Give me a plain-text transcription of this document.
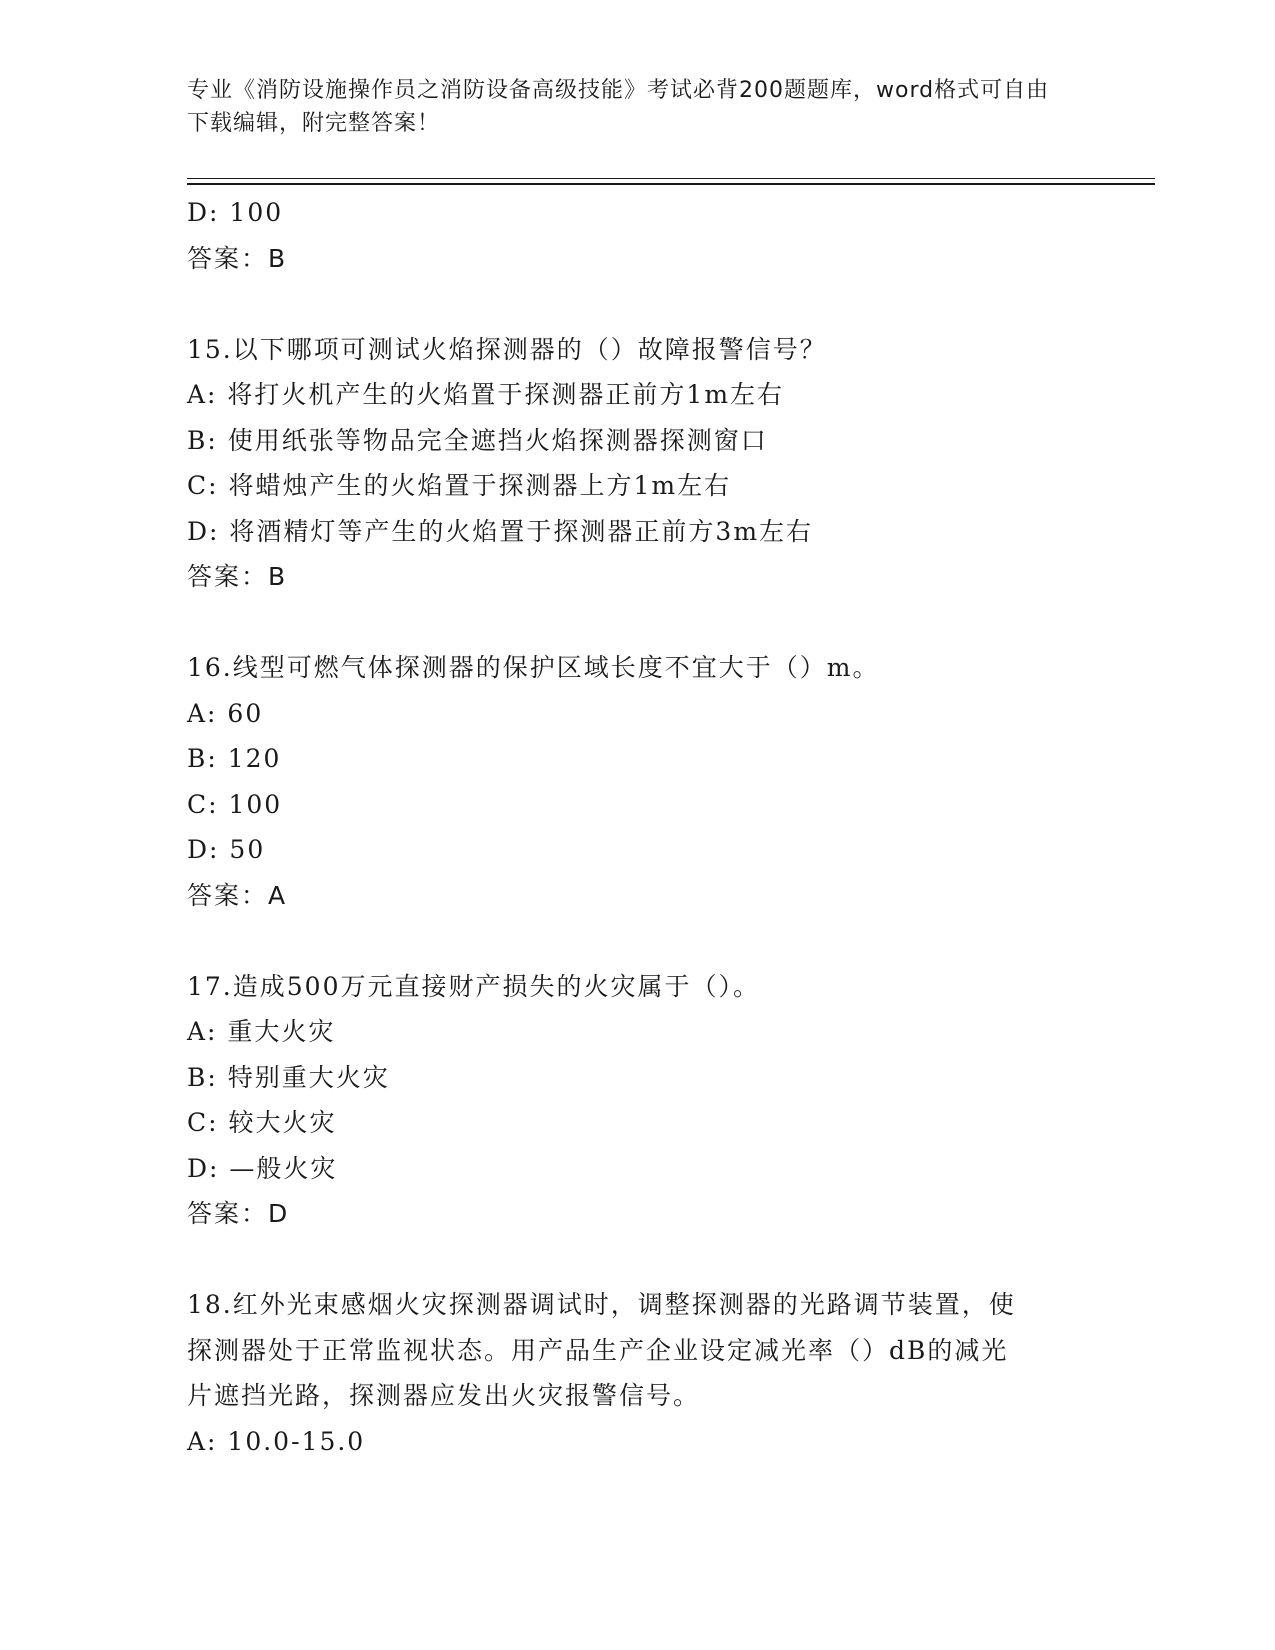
专业《消防设施操作员之消防设备高级技能》考试必背200题题库，word格式可自由下载编辑，附完整答案！
D: 100
答案：B
15.以下哪项可测试火焰探测器的（）故障报警信号？
A: 将打火机产生的火焰置于探测器正前方1m左右
B: 使用纸张等物品完全遮挡火焰探测器探测窗口
C: 将蜡烛产生的火焰置于探测器上方1m左右
D: 将酒精灯等产生的火焰置于探测器正前方3m左右
答案：B
16.线型可燃气体探测器的保护区域长度不宜大于（）m。
A: 60
B: 120
C: 100
D: 50
答案：A
17.造成500万元直接财产损失的火灾属于（）。
A: 重大火灾
B: 特别重大火灾
C: 较大火灾
D: —般火灾
答案：D
18.红外光束感烟火灾探测器调试时，调整探测器的光路调节装置，使
探测器处于正常监视状态。用产品生产企业设定减光率（）dB的减光
片遮挡光路，探测器应发出火灾报警信号。
A: 10.0-15.0
